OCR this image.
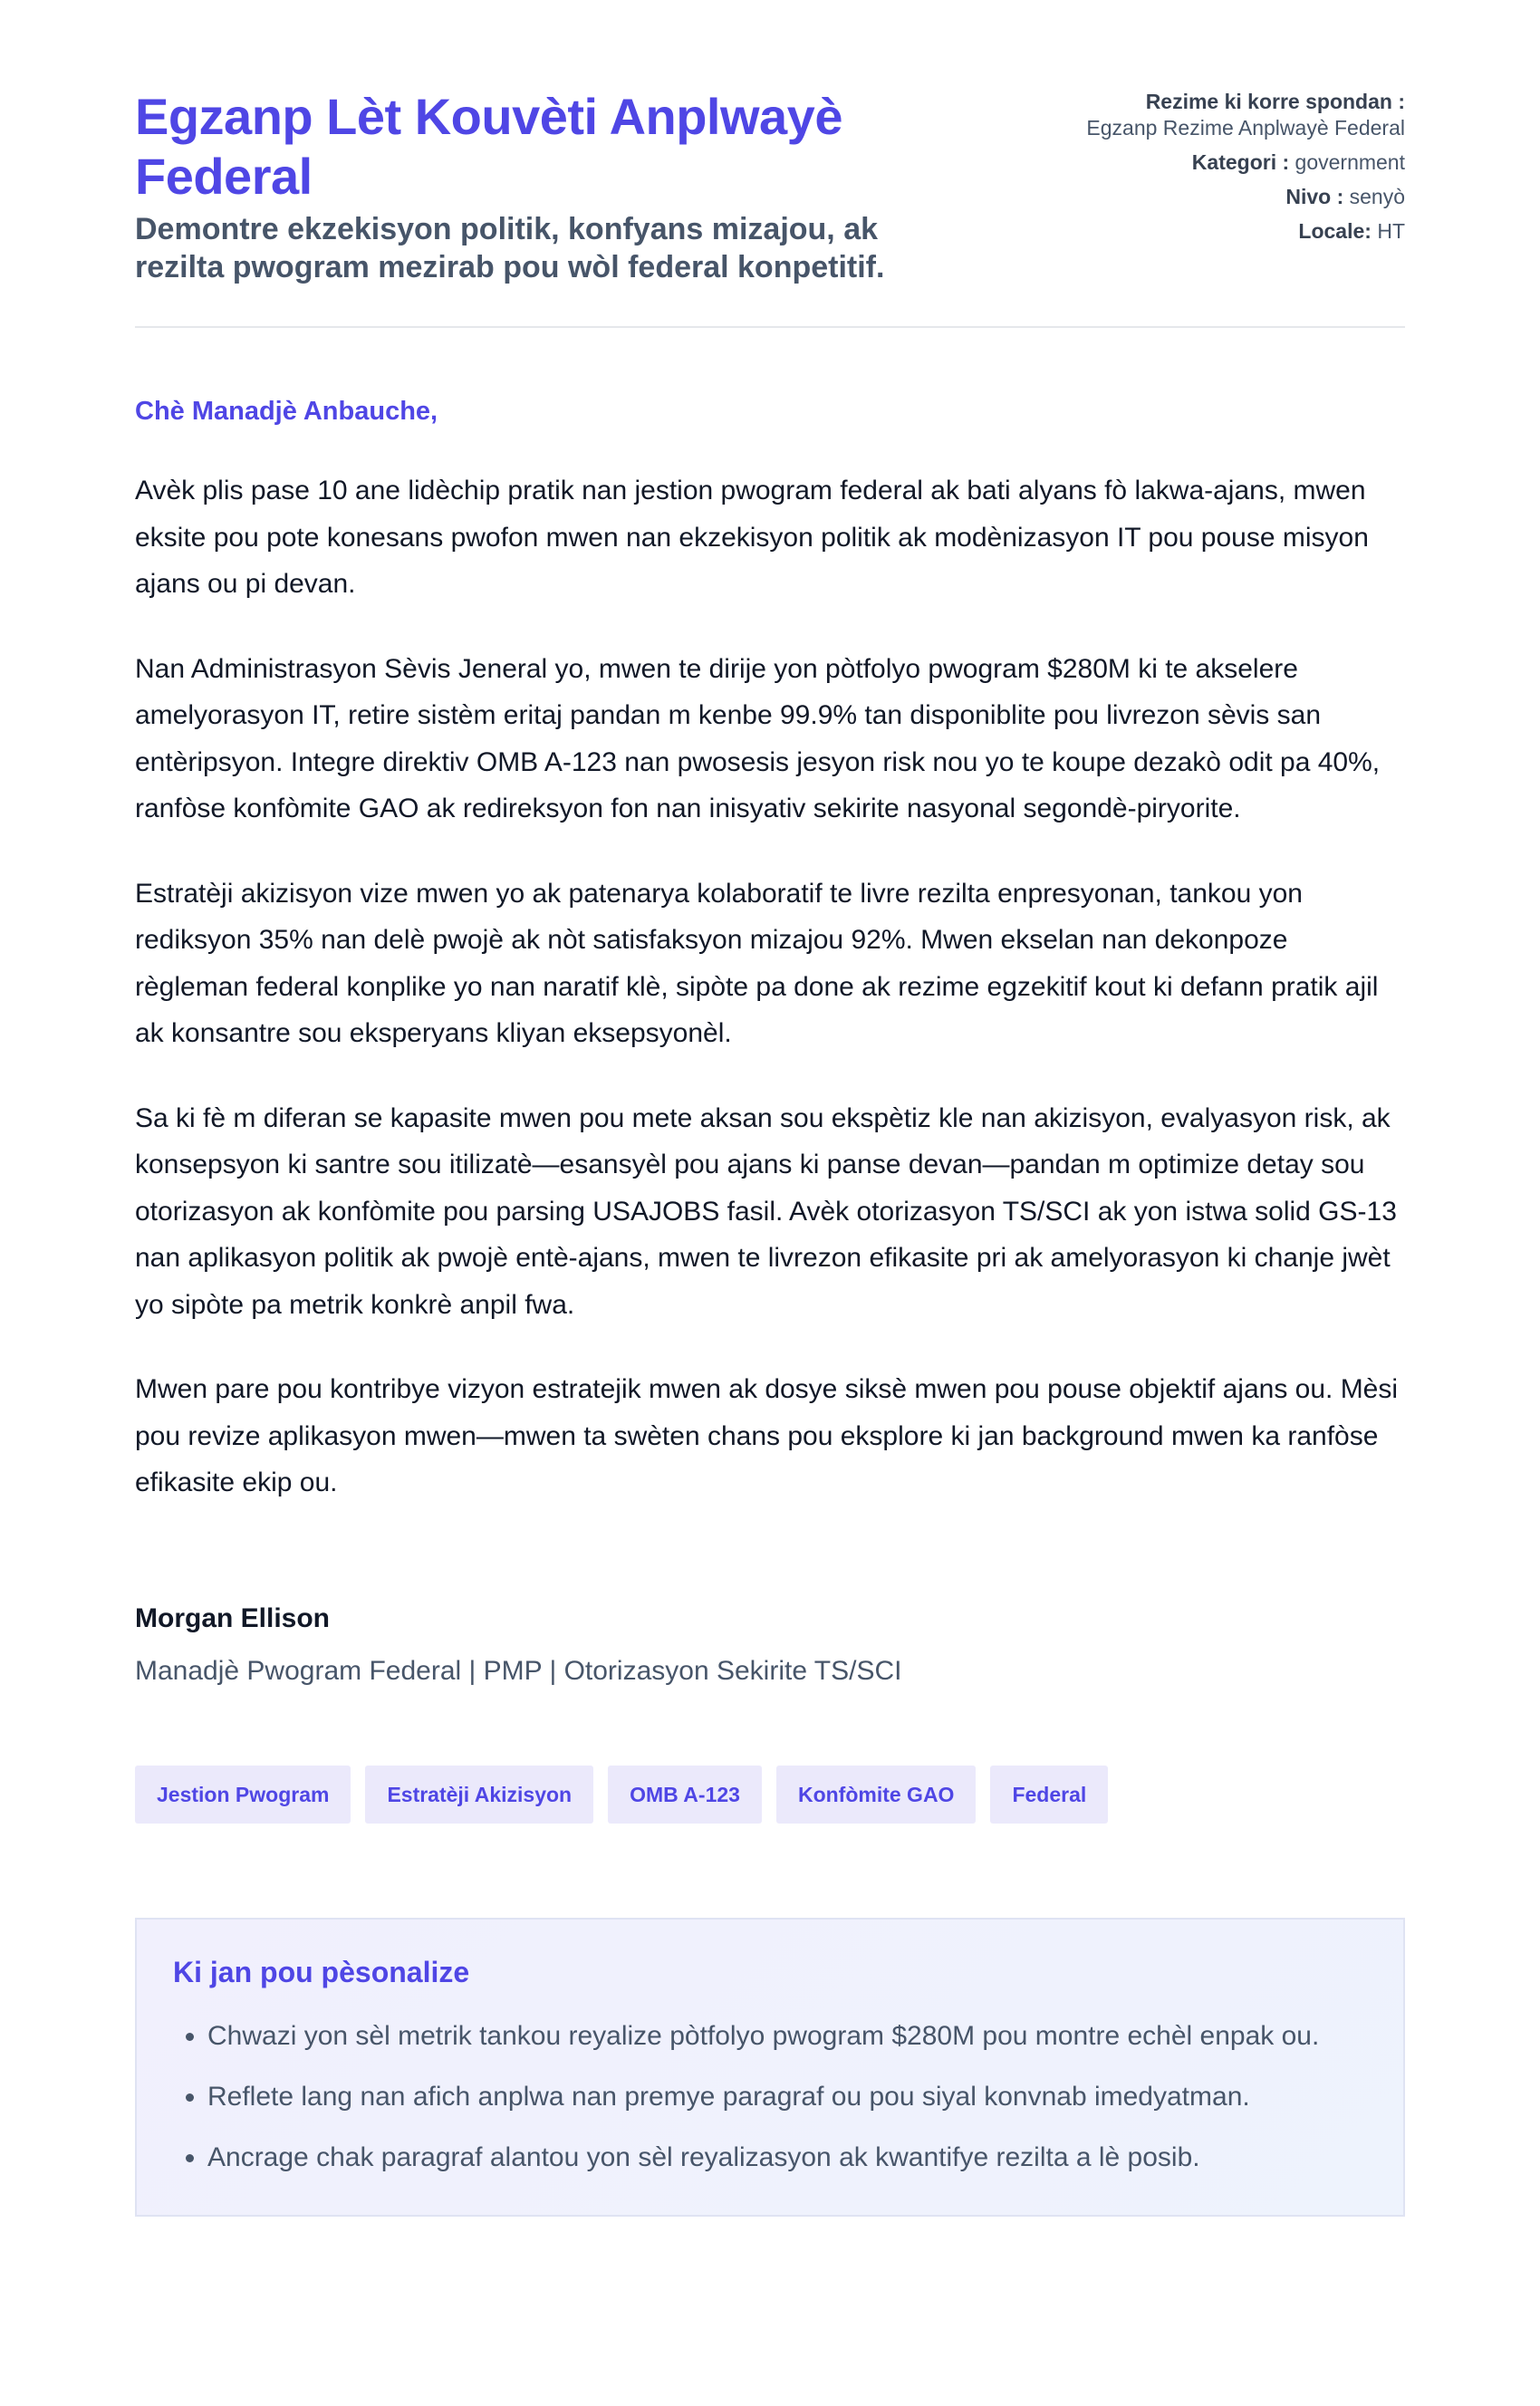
Egzanp Lèt Kouvèti Anplwayè Federal

Demontre ekzekisyon politik, konfyans mizajou, ak rezilta pwogram mezirab pou wòl federal konpetitif.

Rezime ki korre spondan :
Egzanp Rezime Anplwayè Federal
Kategori : government
Nivo : senyò
Locale: HT

Chè Manadjè Anbauche,

Avèk plis pase 10 ane lidèchip pratik nan jestion pwogram federal ak bati alyans fò lakwa-ajans, mwen eksite pou pote konesans pwofon mwen nan ekzekisyon politik ak modènizasyon IT pou pouse misyon ajans ou pi devan.

Nan Administrasyon Sèvis Jeneral yo, mwen te dirije yon pòtfolyo pwogram $280M ki te akselere amelyorasyon IT, retire sistèm eritaj pandan m kenbe 99.9% tan disponiblite pou livrezon sèvis san entèripsyon. Integre direktiv OMB A-123 nan pwosesis jesyon risk nou yo te koupe dezakò odit pa 40%, ranfòse konfòmite GAO ak redireksyon fon nan inisyativ sekirite nasyonal segondè-piryorite.

Estratèji akizisyon vize mwen yo ak patenarya kolaboratif te livre rezilta enpresyonan, tankou yon rediksyon 35% nan delè pwojè ak nòt satisfaksyon mizajou 92%. Mwen ekselan nan dekonpoze règleman federal konplike yo nan naratif klè, sipòte pa done ak rezime egzekitif kout ki defann pratik ajil ak konsantre sou eksperyans kliyan eksepsyonèl.

Sa ki fè m diferan se kapasite mwen pou mete aksan sou ekspètiz kle nan akizisyon, evalyasyon risk, ak konsepsyon ki santre sou itilizatè—esansyèl pou ajans ki panse devan—pandan m optimize detay sou otorizasyon ak konfòmite pou parsing USAJOBS fasil. Avèk otorizasyon TS/SCI ak yon istwa solid GS-13 nan aplikasyon politik ak pwojè entè-ajans, mwen te livrezon efikasite pri ak amelyorasyon ki chanje jwèt yo sipòte pa metrik konkrè anpil fwa.

Mwen pare pou kontribye vizyon estratejik mwen ak dosye siksè mwen pou pouse objektif ajans ou. Mèsi pou revize aplikasyon mwen—mwen ta swèten chans pou eksplore ki jan background mwen ka ranfòse efikasite ekip ou.

Morgan Ellison
Manadjè Pwogram Federal | PMP | Otorizasyon Sekirite TS/SCI
Jestion Pwogram	Estratèji Akizisyon	OMB A-123	Konfòmite GAO	Federal
Ki jan pou pèsonalize
• Chwazi yon sèl metrik tankou reyalize pòtfolyo pwogram $280M pou montre echèl enpak ou.
• Reflete lang nan afich anplwa nan premye paragraf ou pou siyal konvnab imedyatman.
• Ancrage chak paragraf alantou yon sèl reyalizasyon ak kwantifye rezilta a lè posib.
